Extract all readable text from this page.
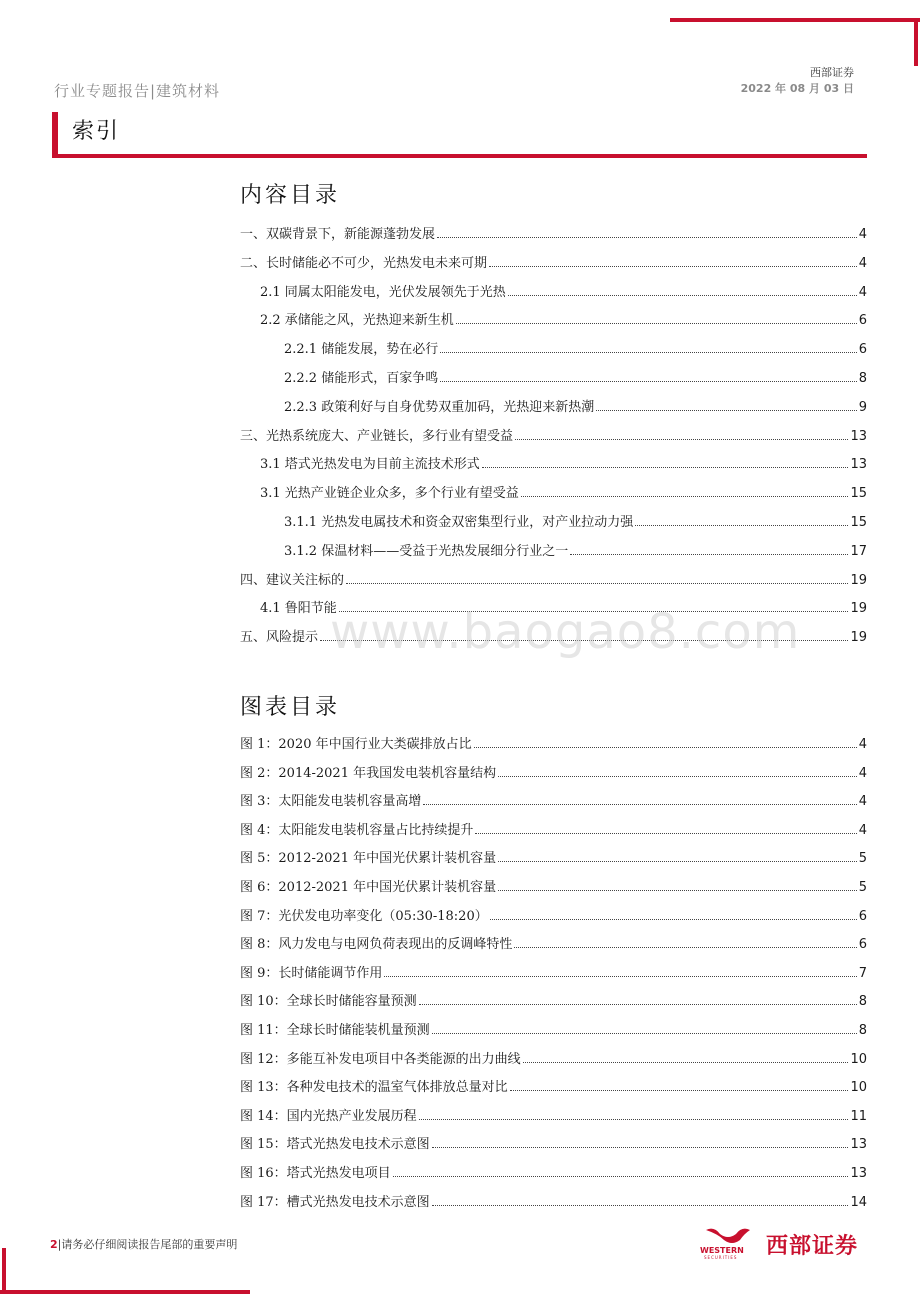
行业专题报告|建筑材料
西部证券
2022 年 08 月 03 日
索引
内容目录
一、双碳背景下，新能源蓬勃发展	4
二、长时储能必不可少，光热发电未来可期	4
2.1 同属太阳能发电，光伏发展领先于光热	4
2.2 承储能之风，光热迎来新生机	6
2.2.1 储能发展，势在必行	6
2.2.2 储能形式，百家争鸣	8
2.2.3 政策利好与自身优势双重加码，光热迎来新热潮	9
三、光热系统庞大、产业链长，多行业有望受益	13
3.1 塔式光热发电为目前主流技术形式	13
3.1 光热产业链企业众多，多个行业有望受益	15
3.1.1 光热发电属技术和资金双密集型行业，对产业拉动力强	15
3.1.2 保温材料——受益于光热发展细分行业之一	17
四、建议关注标的	19
4.1 鲁阳节能	19
五、风险提示	19
图表目录
图 1：2020 年中国行业大类碳排放占比	4
图 2：2014-2021 年我国发电装机容量结构	4
图 3：太阳能发电装机容量高增	4
图 4：太阳能发电装机容量占比持续提升	4
图 5：2012-2021 年中国光伏累计装机容量	5
图 6：2012-2021 年中国光伏累计装机容量	5
图 7：光伏发电功率变化（05:30-18:20）	6
图 8：风力发电与电网负荷表现出的反调峰特性	6
图 9：长时储能调节作用	7
图 10：全球长时储能容量预测	8
图 11：全球长时储能装机量预测	8
图 12：多能互补发电项目中各类能源的出力曲线	10
图 13：各种发电技术的温室气体排放总量对比	10
图 14：国内光热产业发展历程	11
图 15：塔式光热发电技术示意图	13
图 16：塔式光热发电项目	13
图 17：槽式光热发电技术示意图	14
www.baogao8.com
2|请务必仔细阅读报告尾部的重要声明	WESTERN
SECURITIES 西部证券
